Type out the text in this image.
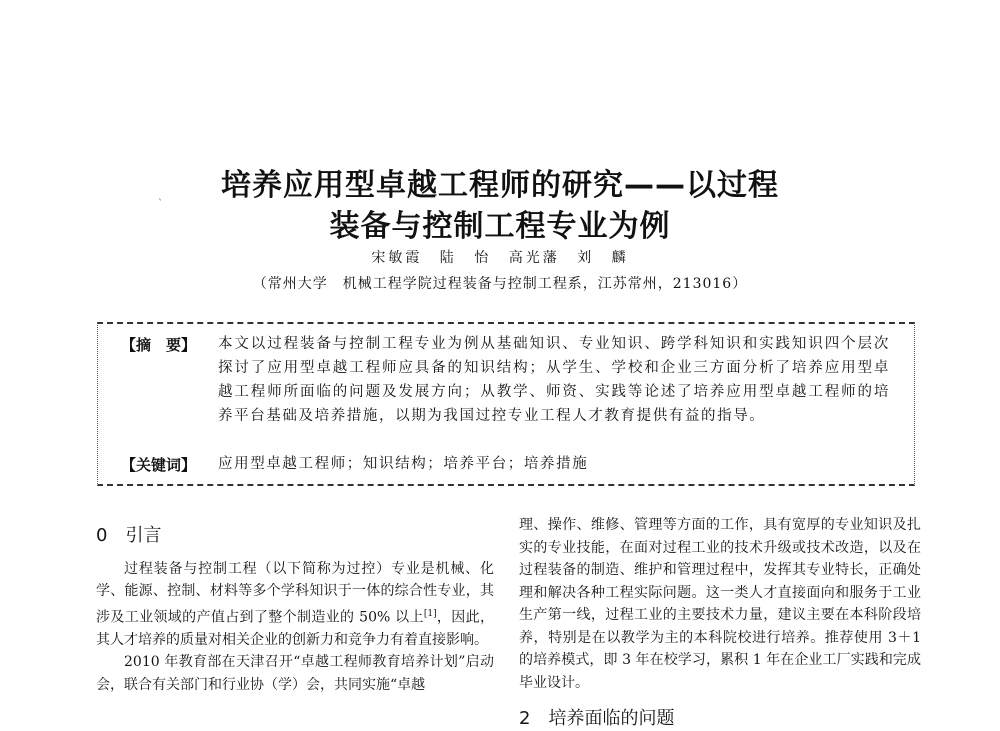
培养应用型卓越工程师的研究——以过程
装备与控制工程专业为例
ˋ
宋敏霞 陆 怡 高光藩 刘 麟
（常州大学　机械工程学院过程装备与控制工程系，江苏常州，213016）
【摘　要】 本文以过程装备与控制工程专业为例从基础知识、专业知识、跨学科知识和实践知识四个层次探讨了应用型卓越工程师应具备的知识结构；从学生、学校和企业三方面分析了培养应用型卓越工程师所面临的问题及发展方向；从教学、师资、实践等论述了培养应用型卓越工程师的培养平台基础及培养措施，以期为我国过控专业工程人才教育提供有益的指导。
【关键词】 应用型卓越工程师；知识结构；培养平台；培养措施
0 引言

过程装备与控制工程（以下简称为过控）专业是机械、化学、能源、控制、材料等多个学科知识于一体的综合性专业，其涉及工业领域的产值占到了整个制造业的 50% 以上[1]，因此，其人才培养的质量对相关企业的创新力和竞争力有着直接影响。

2010 年教育部在天津召开“卓越工程师教育培养计划”启动会，联合有关部门和行业协（学）会，共同实施“卓越

理、操作、维修、管理等方面的工作，具有宽厚的专业知识及扎实的专业技能，在面对过程工业的技术升级或技术改造，以及在过程装备的制造、维护和管理过程中，发挥其专业特长，正确处理和解决各种工程实际问题。这一类人才直接面向和服务于工业生产第一线，过程工业的主要技术力量，建议主要在本科阶段培养，特别是在以教学为主的本科院校进行培养。推荐使用 3＋1 的培养模式，即 3 年在校学习，累积 1 年在企业工厂实践和完成毕业设计。

2 培养面临的问题
